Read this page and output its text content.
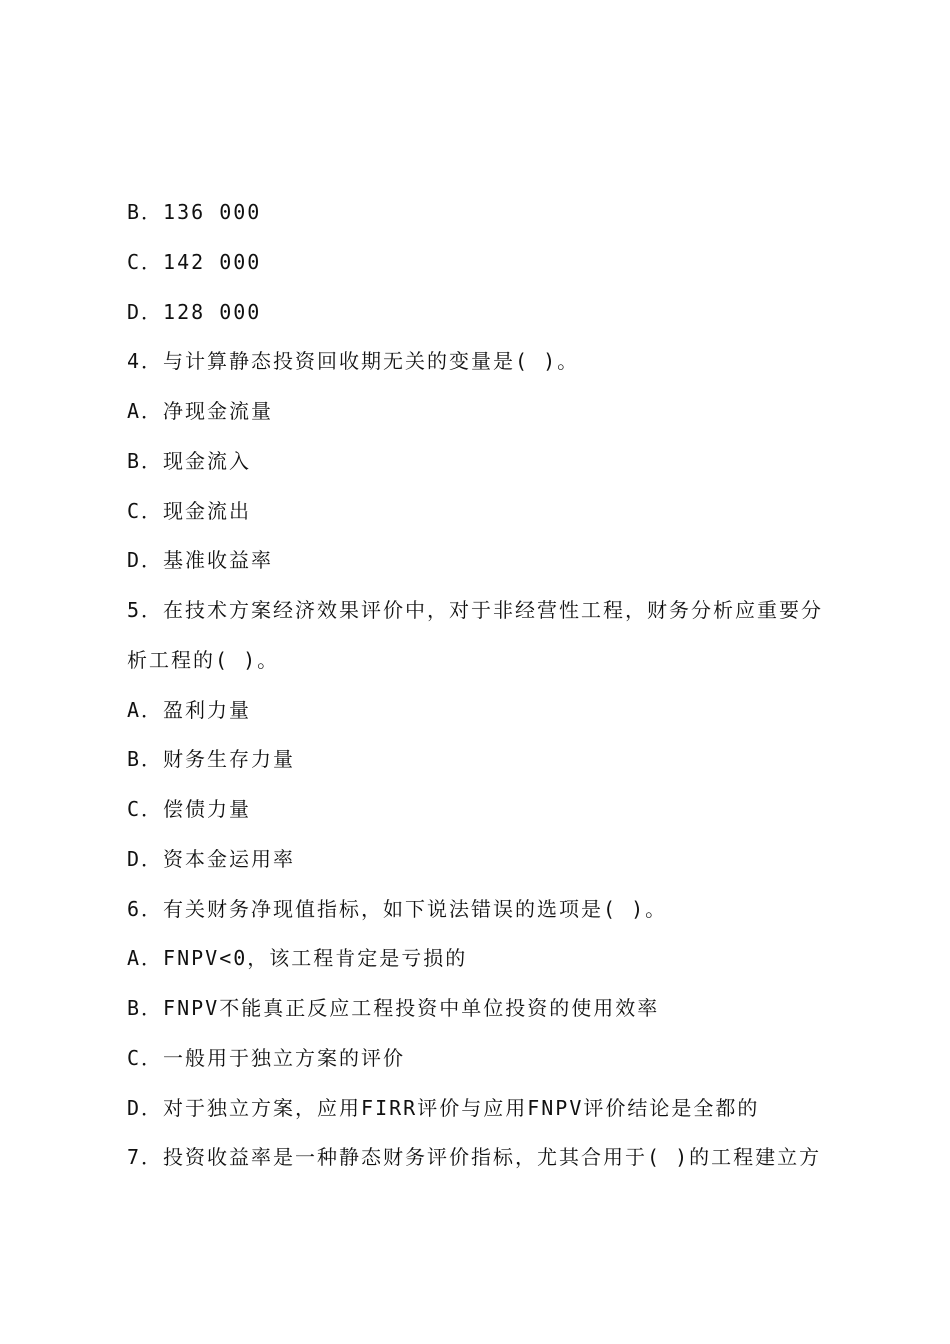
B．136 000
C．142 000
D．128 000
4．与计算静态投资回收期无关的变量是( )。
A．净现金流量
B．现金流入
C．现金流出
D．基准收益率
5．在技术方案经济效果评价中，对于非经营性工程，财务分析应重要分
析工程的( )。
A．盈利力量
B．财务生存力量
C．偿债力量
D．资本金运用率
6．有关财务净现值指标，如下说法错误的选项是( )。
A．FNPV<0，该工程肯定是亏损的
B．FNPV不能真正反应工程投资中单位投资的使用效率
C．一般用于独立方案的评价
D．对于独立方案，应用FIRR评价与应用FNPV评价结论是全都的
7．投资收益率是一种静态财务评价指标，尤其合用于( )的工程建立方
